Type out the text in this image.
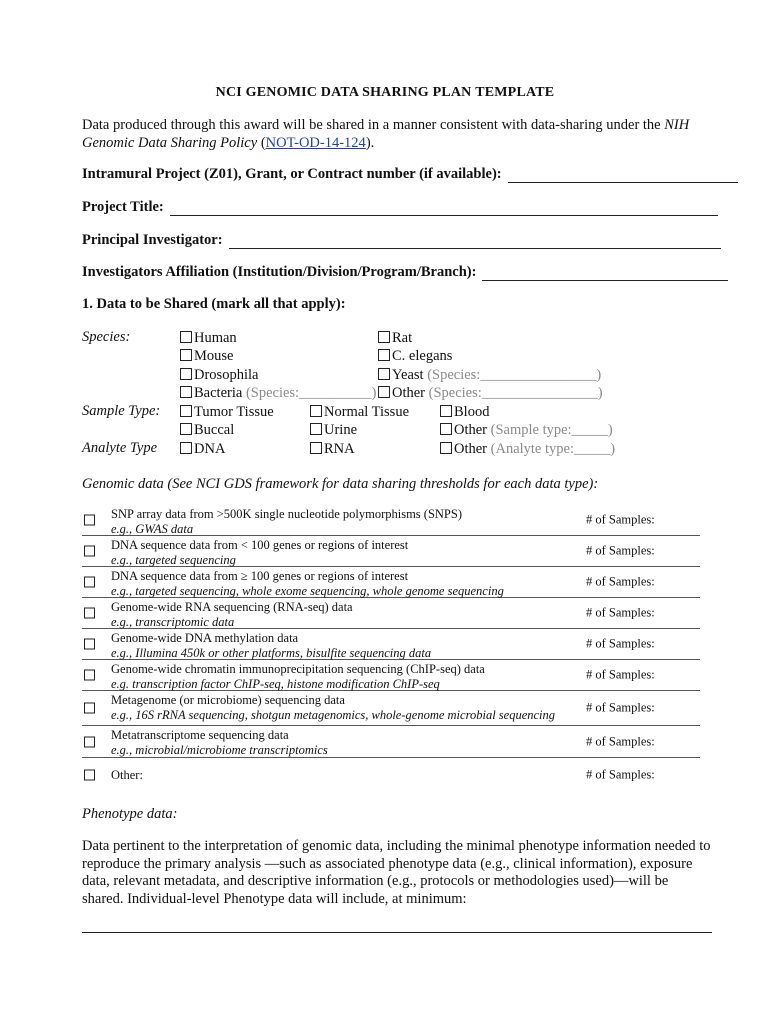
NCI GENOMIC DATA SHARING PLAN TEMPLATE
Data produced through this award will be shared in a manner consistent with data-sharing under the NIH Genomic Data Sharing Policy (NOT-OD-14-124).
Intramural Project (Z01), Grant, or Contract number (if available):
Project Title:
Principal Investigator:
Investigators Affiliation (Institution/Division/Program/Branch):
1. Data to be Shared (mark all that apply):
Species:	Human	Rat
Mouse	C. elegans
Drosophila	Yeast (Species:________________)
Bacteria (Species:__________)	Other (Species:________________)
Sample Type:	Tumor Tissue	Normal Tissue	Blood
Buccal	Urine	Other (Sample type:_____)
Analyte Type	DNA	RNA	Other (Analyte type:_____)
Genomic data (See NCI GDS framework for data sharing thresholds for each data type):
SNP array data from >500K single nucleotide polymorphisms (SNPS)
e.g., GWAS data
# of Samples:
DNA sequence data from < 100 genes or regions of interest
e.g., targeted sequencing
# of Samples:
DNA sequence data from ≥ 100 genes or regions of interest
e.g., targeted sequencing, whole exome sequencing, whole genome sequencing
# of Samples:
Genome-wide RNA sequencing (RNA-seq) data
e.g., transcriptomic data
# of Samples:
Genome-wide DNA methylation data
e.g., Illumina 450k or other platforms, bisulfite sequencing data
# of Samples:
Genome-wide chromatin immunoprecipitation sequencing (ChIP-seq) data
e.g. transcription factor ChIP-seq, histone modification ChIP-seq
# of Samples:
Metagenome (or microbiome) sequencing data
e.g., 16S rRNA sequencing, shotgun metagenomics, whole-genome microbial sequencing
# of Samples:
Metatranscriptome sequencing data
e.g., microbial/microbiome transcriptomics
# of Samples:
Other:	# of Samples:
Phenotype data:
Data pertinent to the interpretation of genomic data, including the minimal phenotype information needed to reproduce the primary analysis —such as associated phenotype data (e.g., clinical information), exposure data, relevant metadata, and descriptive information (e.g., protocols or methodologies used)—will be shared. Individual-level Phenotype data will include, at minimum:
